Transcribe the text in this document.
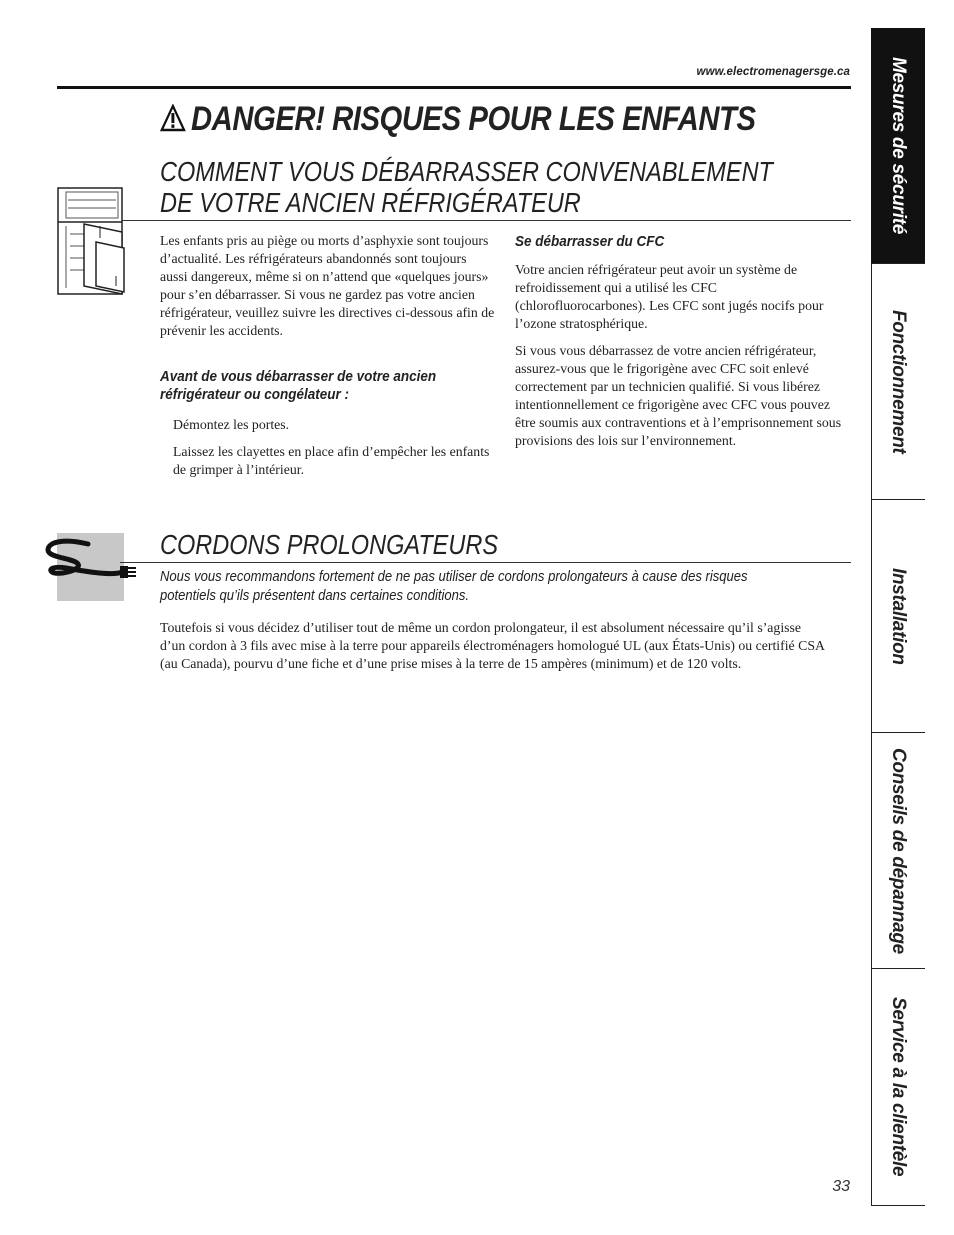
www.electromenagersge.ca
DANGER! RISQUES POUR LES ENFANTS
COMMENT VOUS DÉBARRASSER CONVENABLEMENT
DE VOTRE ANCIEN RÉFRIGÉRATEUR
Les enfants pris au piège ou morts d’asphyxie sont toujours d’actualité. Les réfrigérateurs abandonnés sont toujours aussi dangereux, même si on n’attend que «quelques jours» pour s’en débarrasser. Si vous ne gardez pas votre ancien réfrigérateur, veuillez suivre les directives ci-dessous afin de prévenir les accidents.
Avant de vous débarrasser de votre ancien réfrigérateur ou congélateur :
Démontez les portes.
Laissez les clayettes en place afin d’empêcher les enfants de grimper à l’intérieur.
Se débarrasser du CFC
Votre ancien réfrigérateur peut avoir un système de refroidissement qui a utilisé les CFC (chlorofluorocarbones). Les CFC sont jugés nocifs pour l’ozone stratosphérique.
Si vous vous débarrassez de votre ancien réfrigérateur, assurez-vous que le frigorigène avec CFC soit enlevé correctement par un technicien qualifié. Si vous libérez intentionnellement ce frigorigène avec CFC vous pouvez être soumis aux contraventions et à l’emprisonnement sous provisions des lois sur l’environnement.
CORDONS PROLONGATEURS
Nous vous recommandons fortement de ne pas utiliser de cordons prolongateurs à cause des risques potentiels qu’ils présentent dans certaines conditions.
Toutefois si vous décidez d’utiliser tout de même un cordon prolongateur, il est absolument nécessaire qu’il s’agisse d’un cordon à 3 fils avec mise à la terre pour appareils électroménagers homologué UL (aux États-Unis) ou certifié CSA (au Canada), pourvu d’une fiche et d’une prise mises à la terre de 15 ampères (minimum) et de 120 volts.
33
Mesures de sécurité
Fonctionnement
Installation
Conseils de dépannage
Service à la clientèle
